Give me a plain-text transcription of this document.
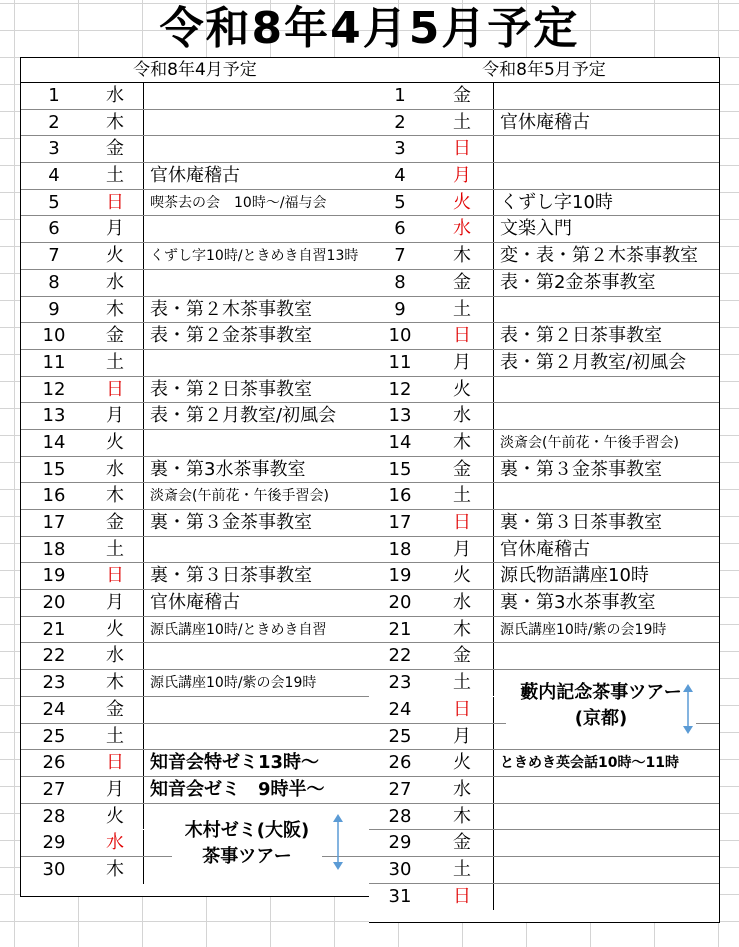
令和8年4月5月予定
令和8年4月予定
1	水
2	木
3	金
4	土	官休庵稽古
5	日	喫茶去の会　10時〜/福与会
6	月
7	火	くずし字10時/ときめき自習13時
8	水
9	木	表・第２木茶事教室
10	金	表・第２金茶事教室
11	土
12	日	表・第２日茶事教室
13	月	表・第２月教室/初風会
14	火
15	水	裏・第3水茶事教室
16	木	淡斎会(午前花・午後手習会)
17	金	裏・第３金茶事教室
18	土
19	日	裏・第３日茶事教室
20	月	官休庵稽古
21	火	源氏講座10時/ときめき自習
22	水
23	木	源氏講座10時/紫の会19時
24	金
25	土
26	日	知音会特ゼミ13時〜
27	月	知音会ゼミ　9時半〜
28	火
29	水
30	木
令和8年5月予定
1	金
2	土	官休庵稽古
3	日
4	月
5	火	くずし字10時
6	水	文楽入門
7	木	変・表・第２木茶事教室
8	金	表・第2金茶事教室
9	土
10	日	表・第２日茶事教室
11	月	表・第２月教室/初風会
12	火
13	水
14	木	淡斎会(午前花・午後手習会)
15	金	裏・第３金茶事教室
16	土
17	日	裏・第３日茶事教室
18	月	官休庵稽古
19	火	源氏物語講座10時
20	水	裏・第3水茶事教室
21	木	源氏講座10時/紫の会19時
22	金
23	土
24	日
25	月
26	火	ときめき英会話10時〜11時
27	水
28	木
29	金
30	土
31	日
木村ゼミ(大阪)
茶事ツアー
藪内記念茶事ツアー
(京都)
